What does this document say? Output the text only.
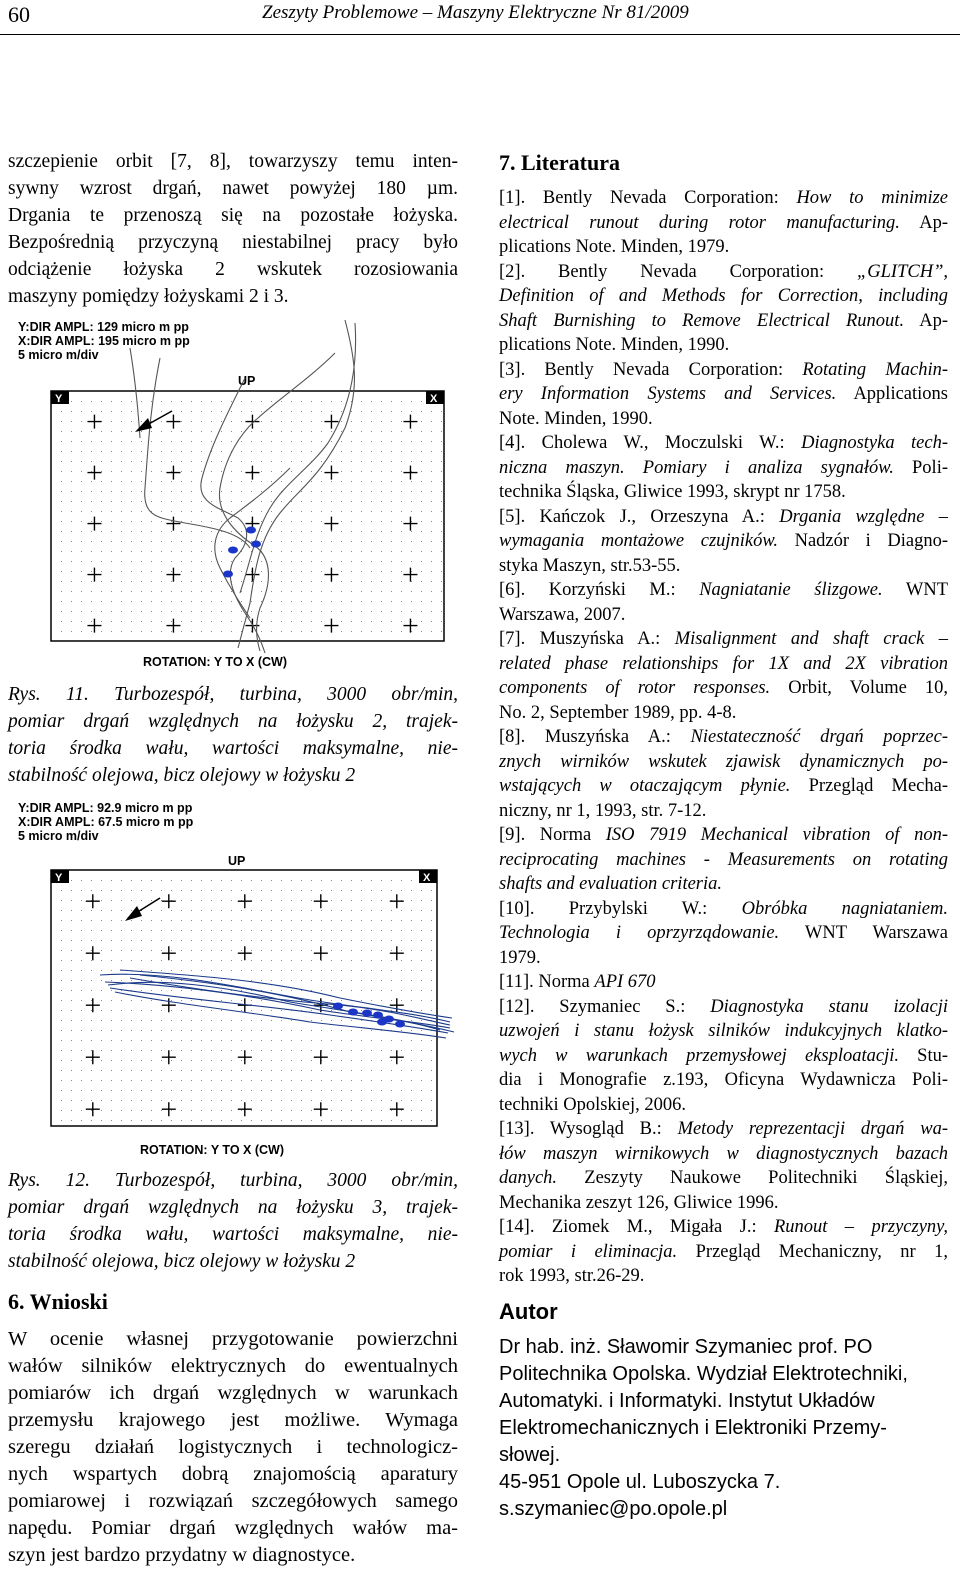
60	Zeszyty Problemowe – Maszyny Elektryczne Nr 81/2009
szczepienie orbit [7, 8], towarzyszy temu inten-
sywny wzrost drgań, nawet powyżej 180 µm.
Drgania te przenoszą się na pozostałe łożyska.
Bezpośrednią przyczyną niestabilnej pracy było
odciążenie łożyska 2 wskutek rozosiowania
maszyny pomiędzy łożyskami 2 i 3.
Y:DIR AMPL: 129 micro m pp
X:DIR AMPL: 195 micro m pp
5 micro m/div
UP
Y	X
ROTATION: Y TO X (CW)
Rys. 11. Turbozespół, turbina, 3000 obr/min,
pomiar drgań względnych na łożysku 2, trajek-
toria środka wału, wartości maksymalne, nie-
stabilność olejowa, bicz olejowy w łożysku 2
Y:DIR AMPL: 92.9 micro m pp
X:DIR AMPL: 67.5 micro m pp
5 micro m/div
UP
Y	X
ROTATION: Y TO X (CW)
Rys. 12. Turbozespół, turbina, 3000 obr/min,
pomiar drgań względnych na łożysku 3, trajek-
toria środka wału, wartości maksymalne, nie-
stabilność olejowa, bicz olejowy w łożysku 2
6. Wnioski
W ocenie własnej przygotowanie powierzchni
wałów silników elektrycznych do ewentualnych
pomiarów ich drgań względnych w warunkach
przemysłu krajowego jest możliwe. Wymaga
szeregu działań logistycznych i technologicz-
nych wspartych dobrą znajomością aparatury
pomiarowej i rozwiązań szczegółowych samego
napędu. Pomiar drgań względnych wałów ma-
szyn jest bardzo przydatny w diagnostyce.
7. Literatura
[1]. Bently Nevada Corporation: How to minimize
electrical runout during rotor manufacturing. Ap-
plications Note. Minden, 1979.
[2]. Bently Nevada Corporation: „GLITCH”,
Definition of and Methods for Correction, including
Shaft Burnishing to Remove Electrical Runout. Ap-
plications Note. Minden, 1990.
[3]. Bently Nevada Corporation: Rotating Machin-
ery Information Systems and Services. Applications
Note. Minden, 1990.
[4]. Cholewa W., Moczulski W.: Diagnostyka tech-
niczna maszyn. Pomiary i analiza sygnałów. Poli-
technika Śląska, Gliwice 1993, skrypt nr 1758.
[5]. Kańczok J., Orzeszyna A.: Drgania względne –
wymagania montażowe czujników. Nadzór i Diagno-
styka Maszyn, str.53-55.
[6]. Korzyński M.: Nagniatanie ślizgowe. WNT
Warszawa, 2007.
[7]. Muszyńska A.: Misalignment and shaft crack –
related phase relationships for 1X and 2X vibration
components of rotor responses. Orbit, Volume 10,
No. 2, September 1989, pp. 4-8.
[8]. Muszyńska A.: Niestateczność drgań poprzec-
znych wirników wskutek zjawisk dynamicznych po-
wstających w otaczającym płynie. Przegląd Mecha-
niczny, nr 1, 1993, str. 7-12.
[9]. Norma ISO 7919 Mechanical vibration of non-
reciprocating machines - Measurements on rotating
shafts and evaluation criteria.
[10]. Przybylski W.: Obróbka nagniataniem.
Technologia i oprzyrządowanie. WNT Warszawa
1979.
[11]. Norma API 670
[12]. Szymaniec S.: Diagnostyka stanu izolacji
uzwojeń i stanu łożysk silników indukcyjnych klatko-
wych w warunkach przemysłowej eksploatacji. Stu-
dia i Monografie z.193, Oficyna Wydawnicza Poli-
techniki Opolskiej, 2006.
[13]. Wysogląd B.: Metody reprezentacji drgań wa-
łów maszyn wirnikowych w diagnostycznych bazach
danych. Zeszyty Naukowe Politechniki Śląskiej,
Mechanika zeszyt 126, Gliwice 1996.
[14]. Ziomek M., Migała J.: Runout – przyczyny,
pomiar i eliminacja. Przegląd Mechaniczny, nr 1,
rok 1993, str.26-29.
Autor
Dr hab. inż. Sławomir Szymaniec prof. PO
Politechnika Opolska. Wydział Elektrotechniki,
Automatyki. i Informatyki. Instytut Układów
Elektromechanicznych i Elektroniki Przemy-
słowej.
45-951 Opole ul. Luboszycka 7.
s.szymaniec@po.opole.pl
